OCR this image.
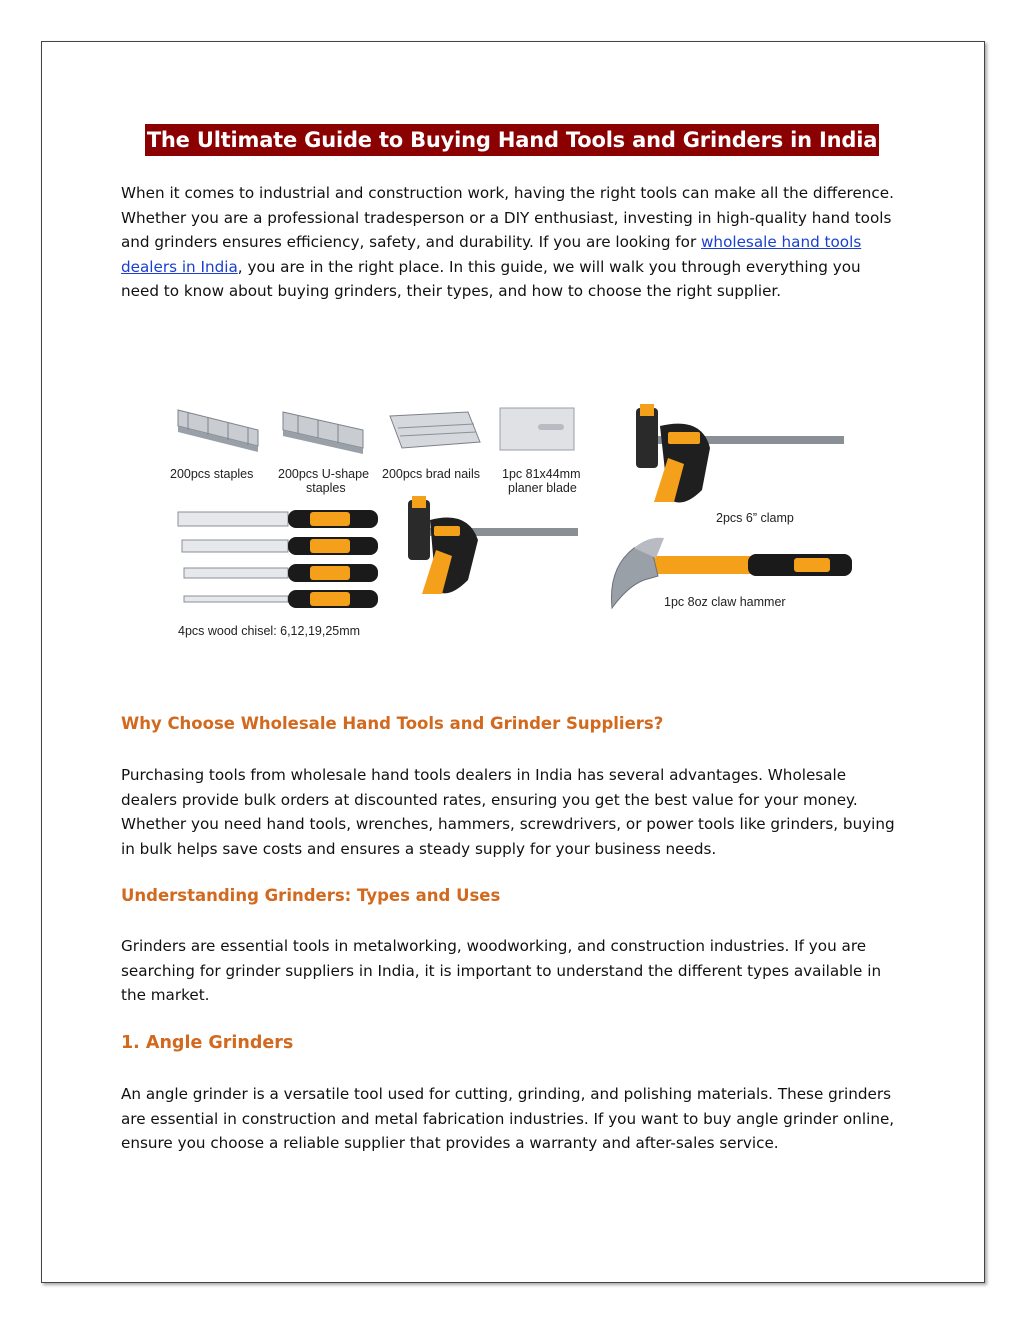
The Ultimate Guide to Buying Hand Tools and Grinders in India

When it comes to industrial and construction work, having the right tools can make all the difference. Whether you are a professional tradesperson or a DIY enthusiast, investing in high-quality hand tools and grinders ensures efficiency, safety, and durability. If you are looking for wholesale hand tools dealers in India, you are in the right place. In this guide, we will walk you through everything you need to know about buying grinders, their types, and how to choose the right supplier.

200pcs staples 200pcs U-shape
staples
200pcs brad nails 1pc 81x44mm
planer blade
4pcs wood chisel: 6,12,19,25mm
2pcs 6” clamp
1pc 8oz claw hammer
Why Choose Wholesale Hand Tools and Grinder Suppliers?

Purchasing tools from wholesale hand tools dealers in India has several advantages. Wholesale dealers provide bulk orders at discounted rates, ensuring you get the best value for your money. Whether you need hand tools, wrenches, hammers, screwdrivers, or power tools like grinders, buying in bulk helps save costs and ensures a steady supply for your business needs.

Understanding Grinders: Types and Uses

Grinders are essential tools in metalworking, woodworking, and construction industries. If you are searching for grinder suppliers in India, it is important to understand the different types available in the market.

1. Angle Grinders

An angle grinder is a versatile tool used for cutting, grinding, and polishing materials. These grinders are essential in construction and metal fabrication industries. If you want to buy angle grinder online, ensure you choose a reliable supplier that provides a warranty and after-sales service.
